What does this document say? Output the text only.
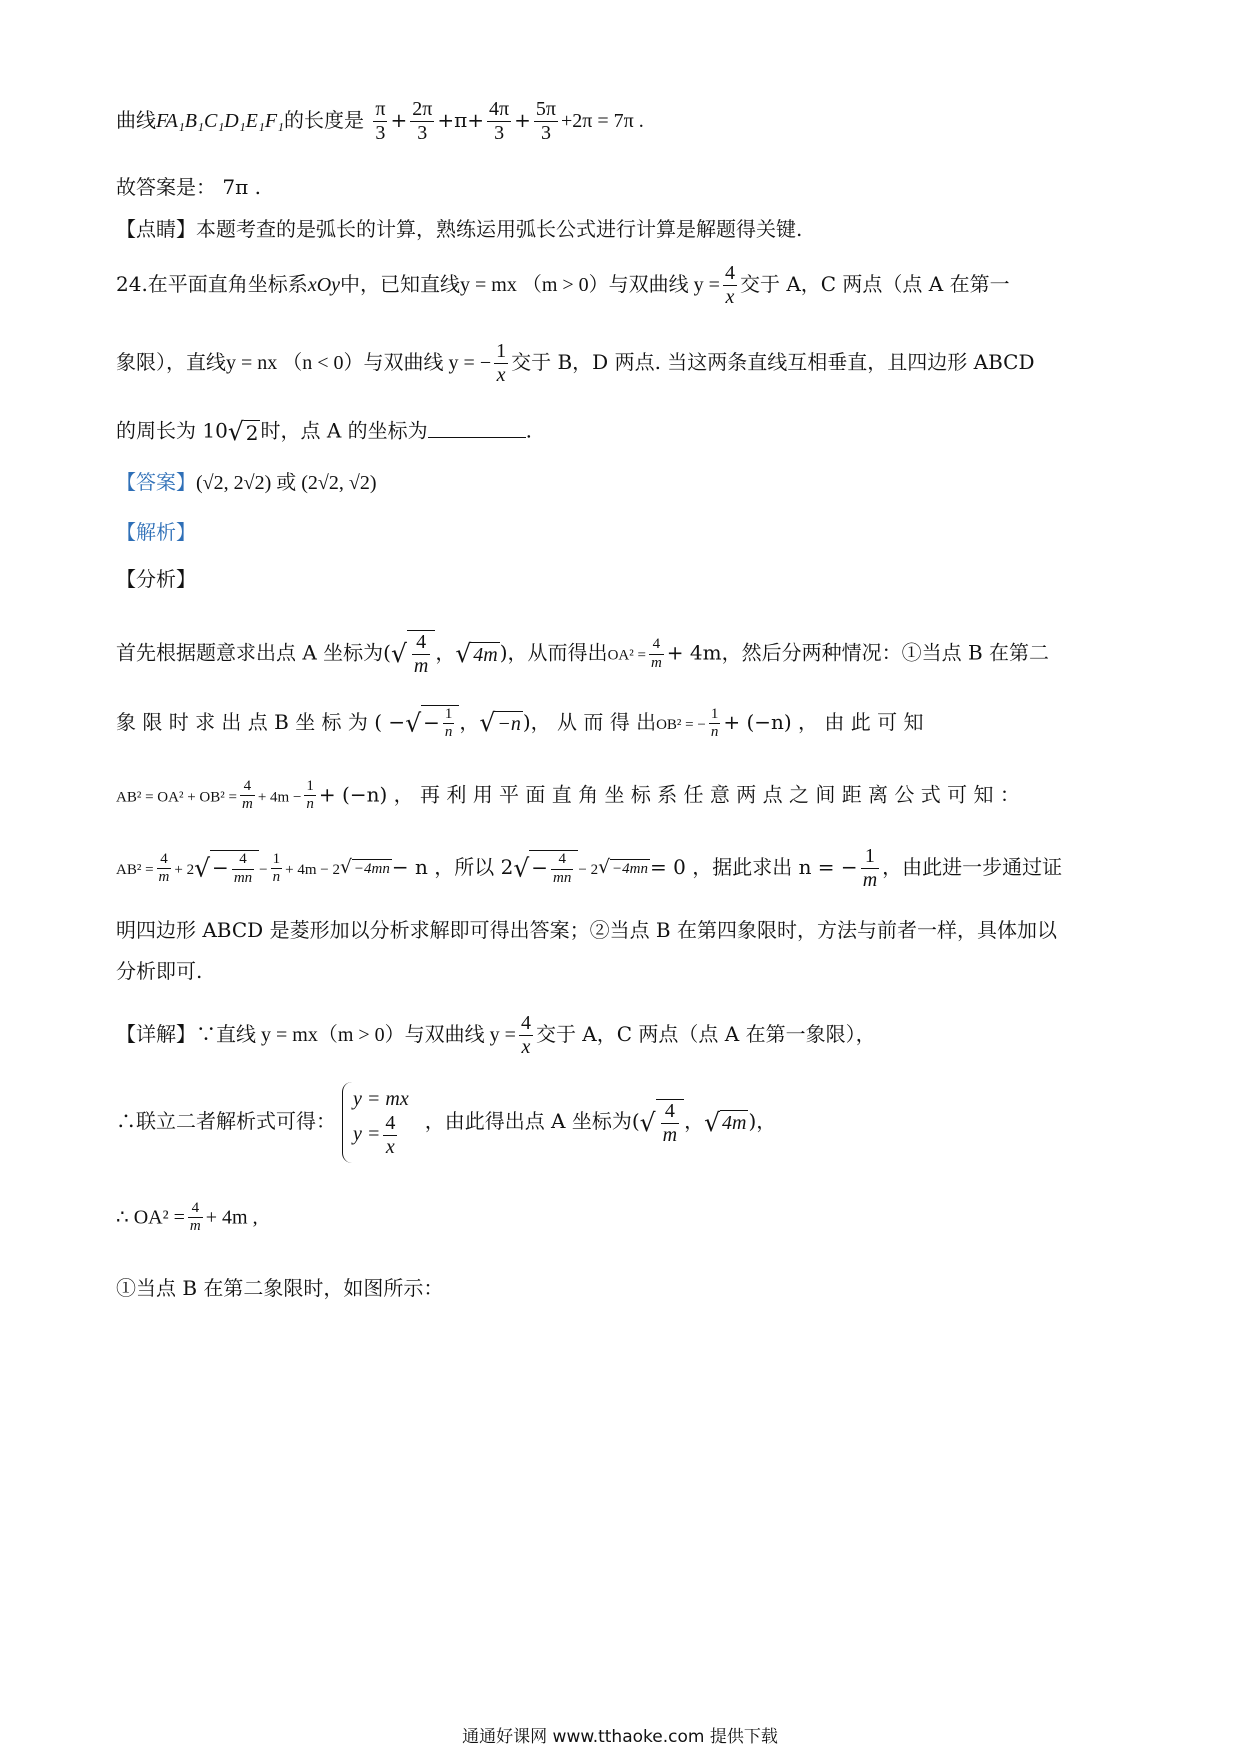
曲线FA₁B₁C₁D₁E₁F₁的长度是 $\frac{\pi}{3} + \frac{2\pi}{3} +\pi+ \frac{4\pi}{3} + \frac{5\pi}{3} +2\pi = 7\pi$ .
故答案是： 7π .
【点睛】本题考查的是弧长的计算，熟练运用弧长公式进行计算是解题得关键.
24.在平面直角坐标系xOy中，已知直线y = mx （m > 0）与双曲线 $y = \frac{4}{x}$ 交于 A，C 两点（点 A 在第一
象限），直线y = nx （n < 0）与双曲线 y = − $\frac{1}{x}$ 交于 B，D 两点. 当这两条直线互相垂直，且四边形 ABCD
的周长为 10√ 2 时，点 A 的坐标为	.
【答案】(√2, 2√2) 或 (2√2, √2)
【解析】
【分析】
首先根据题意求出点 A 坐标为(√ $\frac{4}{m}$ ，√ 4m )，从而得出$OA^2 = \frac{4}{m} + 4m$，然后分两种情况：①当点 B 在第二
象 限 时 求 出 点 B 坐 标 为 ( −√ − $\frac{1}{n}$ ，√ −n )， 从 而 得 出OB² = − $\frac{1}{n} + (-n)$ ， 由 此 可 知
$AB^2 = OA^2 + OB^2 = \frac{4}{m} + 4m - \frac{1}{n} + (-n)$ ， 再 利 用 平 面 直 角 坐 标 系 任 意 两 点 之 间 距 离 公 式 可 知 ：
$AB^2 = \frac{4}{m} + 2√ - \frac{4}{mn} - \frac{1}{n} + 4m - 2√ -4mn - n$ ，所以 $2√ - \frac{4}{mn} - 2√ -4mn = 0$ ，据此求出 n = − $\frac{1}{m}$ ，由此进一步通过证
明四边形 ABCD 是菱形加以分析求解即可得出答案；②当点 B 在第四象限时，方法与前者一样，具体加以
分析即可.
【详解】∵直线 y = mx（m > 0）与双曲线 $y = \frac{4}{x}$ 交于 A，C 两点（点 A 在第一象限），
∴联立二者解析式可得：
y = mx
$y = \frac{4}{x}$ ，由此得出点 A 坐标为(√ $\frac{4}{m}$ ，√ 4m )，
∴ $OA^2 = \frac{4}{m} + 4m$ ,
①当点 B 在第二象限时，如图所示：
通通好课网 www.tthaoke.com 提供下载
